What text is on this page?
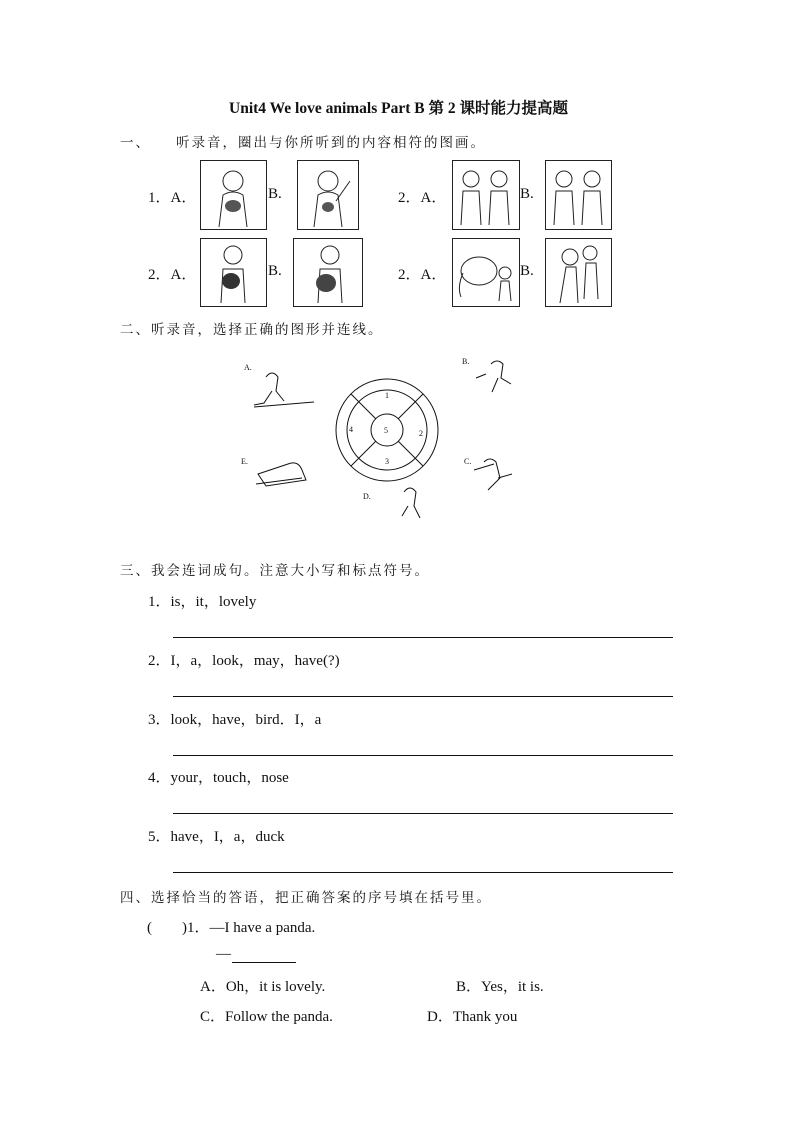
Unit4 We love animals Part B 第 2 课时能力提高题
一、 听录音，圈出与你所听到的内容相符的图画。
1．A．	B.	2．A．	B.
2．A．	B.	2．A．	B.
二、听录音，选择正确的图形并连线。
A.
B.
C.
D.
E.
1
2
3
4	5
三、我会连词成句。注意大小写和标点符号。
1．is，it，lovely
2．I，a，look，may，have(?)
3．look，have，bird．I，a
4．your，touch，nose
5．have，I，a，duck
四、选择恰当的答语，把正确答案的序号填在括号里。
(        )1．—I have a panda.
—
A．Oh，it is lovely.	B．Yes，it is.
C．Follow the panda.	D．Thank you
